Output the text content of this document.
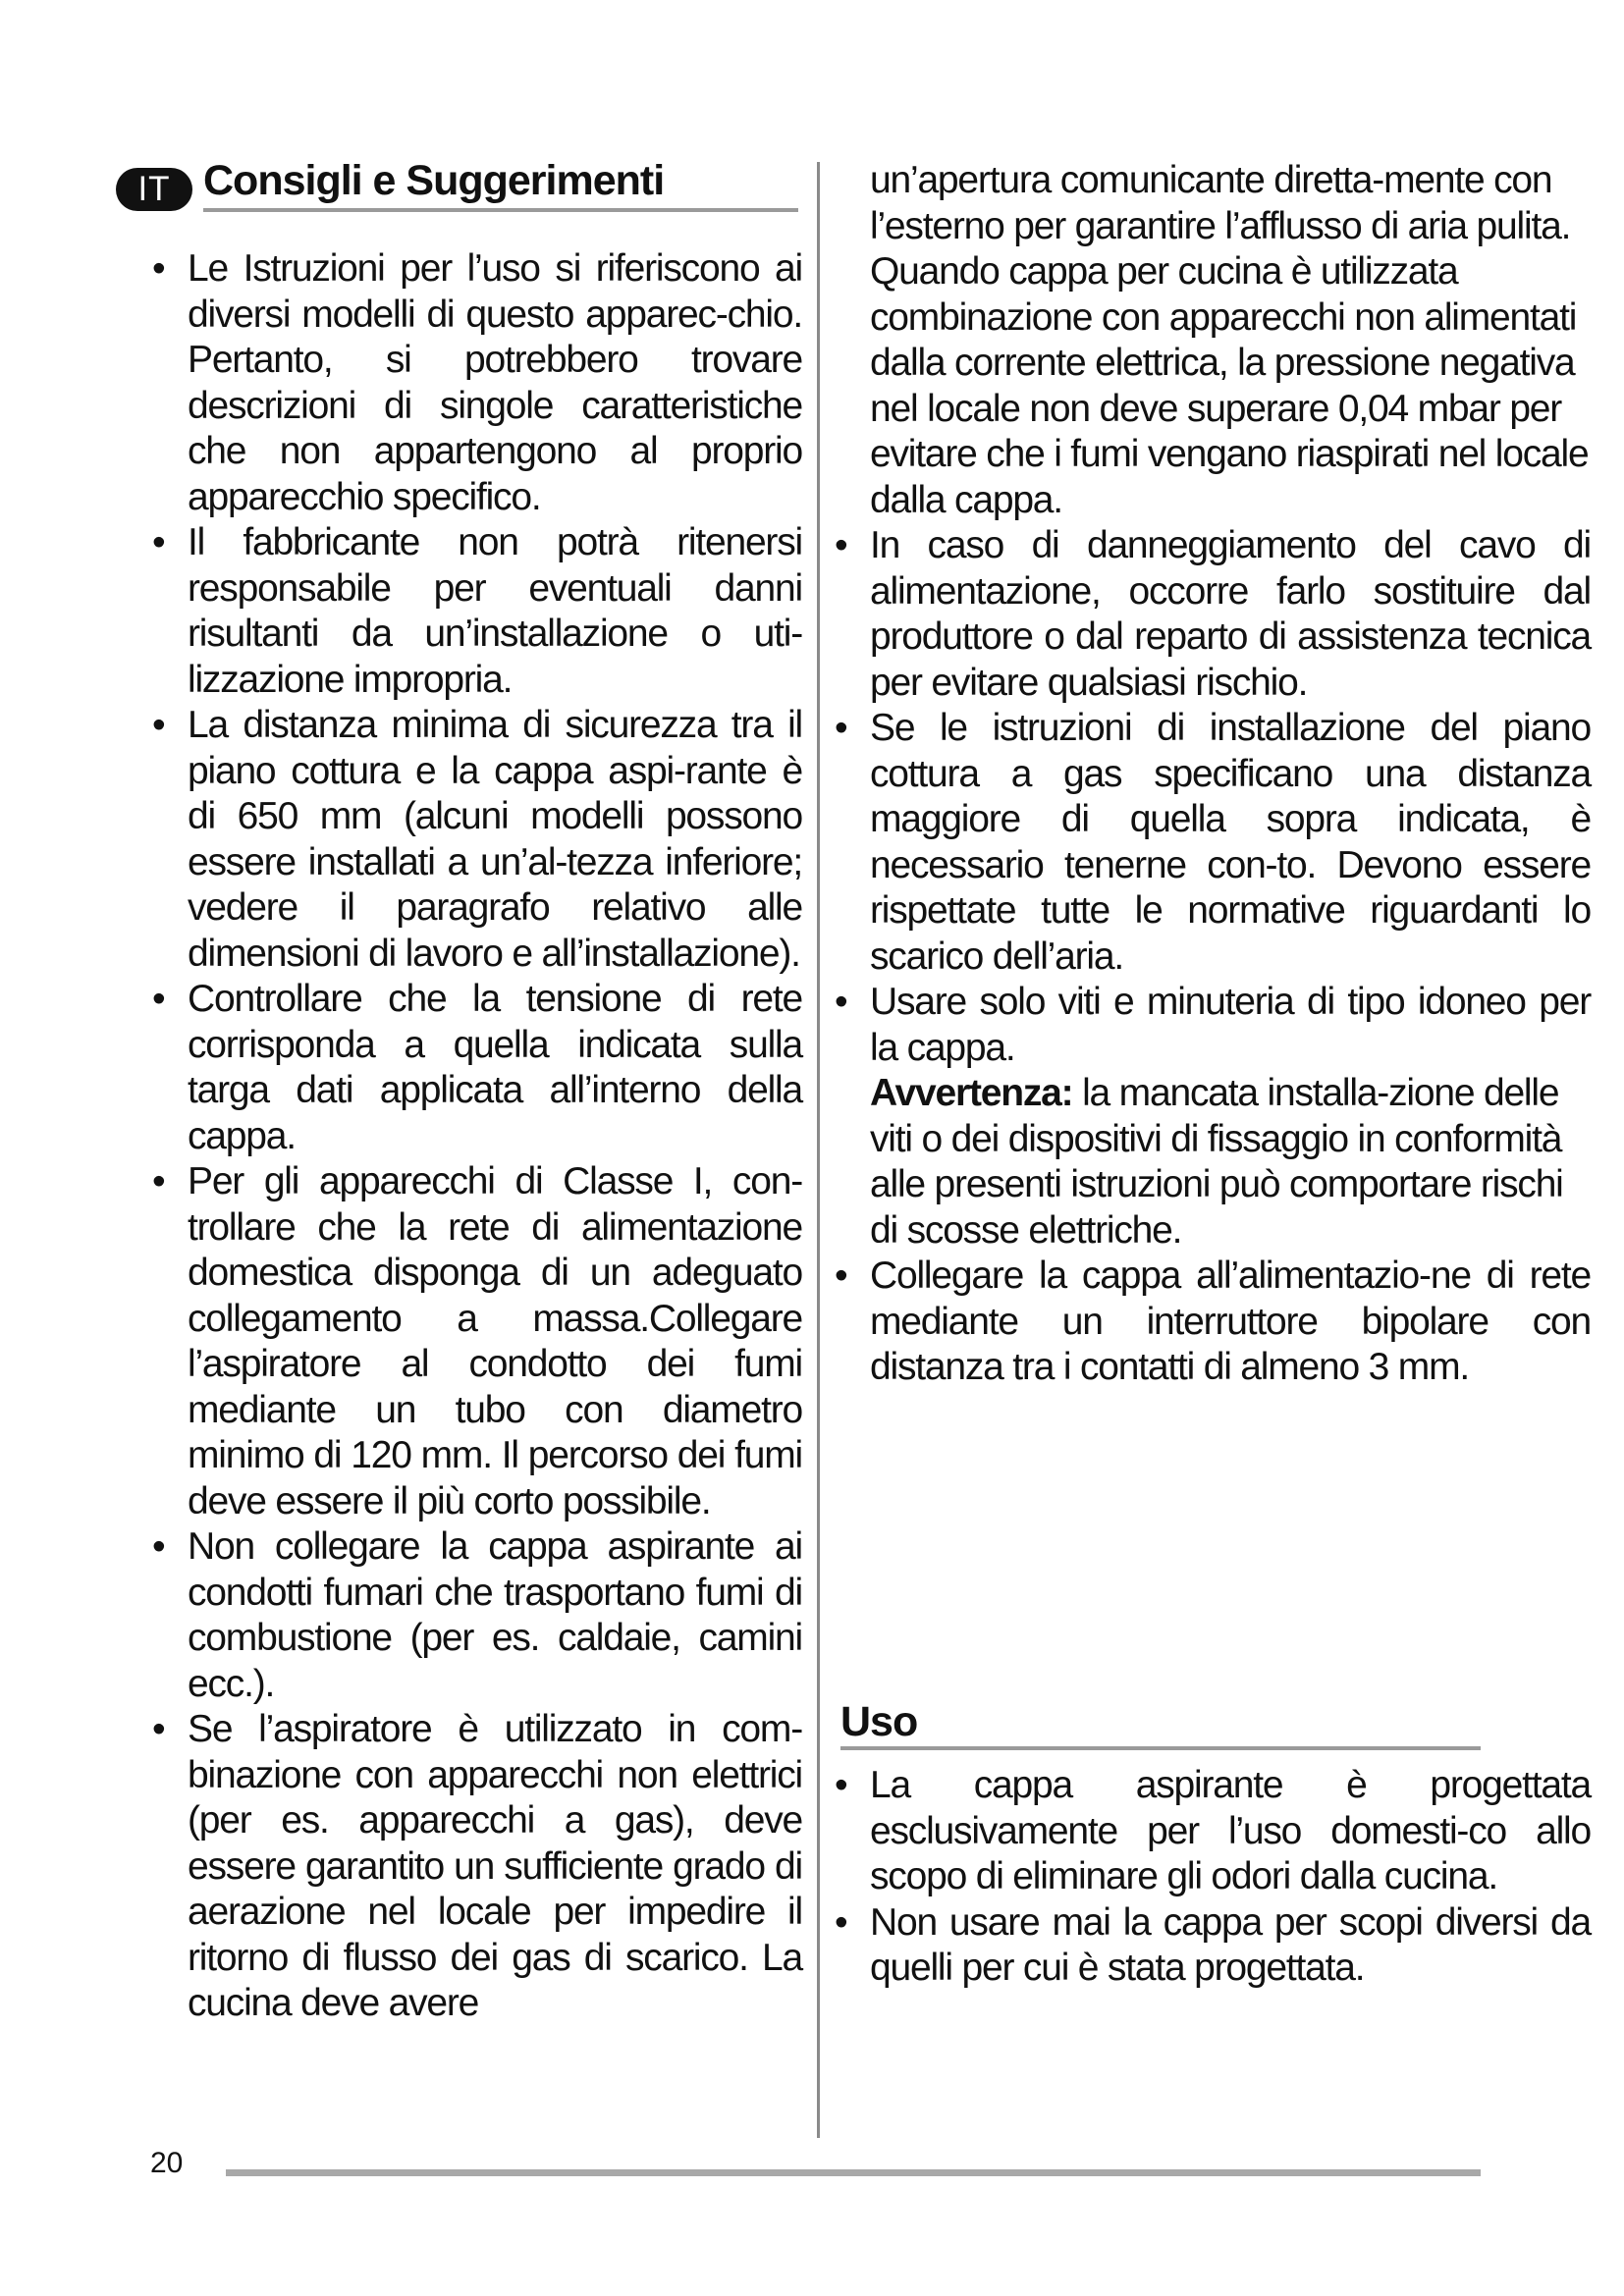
IT Consigli e Suggerimenti
• Le Istruzioni per l’uso si riferiscono ai diversi modelli di questo apparec-chio. Pertanto, si potrebbero trovare descrizioni di singole caratteristiche che non appartengono al proprio apparecchio specifico.
• Il fabbricante non potrà ritenersi responsabile per eventuali danni risultanti da un’installazione o uti-lizzazione impropria.
• La distanza minima di sicurezza tra il piano cottura e la cappa aspi-rante è di 650 mm (alcuni modelli possono essere installati a un’al-tezza inferiore; vedere il paragrafo relativo alle dimensioni di lavoro e all’installazione).
• Controllare che la tensione di rete corrisponda a quella indicata sulla targa dati applicata all’interno della cappa.
• Per gli apparecchi di Classe I, con-trollare che la rete di alimentazione domestica disponga di un adeguato collegamento a massa.Collegare l’aspiratore al condotto dei fumi mediante un tubo con diametro minimo di 120 mm. Il percorso dei fumi deve essere il più corto possibile.
• Non collegare la cappa aspirante ai condotti fumari che trasportano fumi di combustione (per es. caldaie, camini ecc.).
• Se l’aspiratore è utilizzato in com-binazione con apparecchi non elettrici (per es. apparecchi a gas), deve essere garantito un sufficiente grado di aerazione nel locale per impedire il ritorno di flusso dei gas di scarico. La cucina deve avere
un’apertura comunicante diretta-mente con l’esterno per garantire l’afflusso di aria pulita. Quando cappa per cucina è utilizzata combinazione con apparecchi non alimentati dalla corrente elettrica, la pressione negativa nel locale non deve superare 0,04 mbar per evitare che i fumi vengano riaspirati nel locale dalla cappa.
• In caso di danneggiamento del cavo di alimentazione, occorre farlo sostituire dal produttore o dal reparto di assistenza tecnica per evitare qualsiasi rischio.
• Se le istruzioni di installazione del piano cottura a gas specificano una distanza maggiore di quella sopra indicata, è necessario tenerne con-to. Devono essere rispettate tutte le normative riguardanti lo scarico dell’aria.
• Usare solo viti e minuteria di tipo idoneo per la cappa.
Avvertenza: la mancata installa-zione delle viti o dei dispositivi di fissaggio in conformità alle presenti istruzioni può comportare rischi di scosse elettriche.
• Collegare la cappa all’alimentazio-ne di rete mediante un interruttore bipolare con distanza tra i contatti di almeno 3 mm.
Uso
• La cappa aspirante è progettata esclusivamente per l’uso domesti-co allo scopo di eliminare gli odori dalla cucina.
• Non usare mai la cappa per scopi diversi da quelli per cui è stata progettata.
20
